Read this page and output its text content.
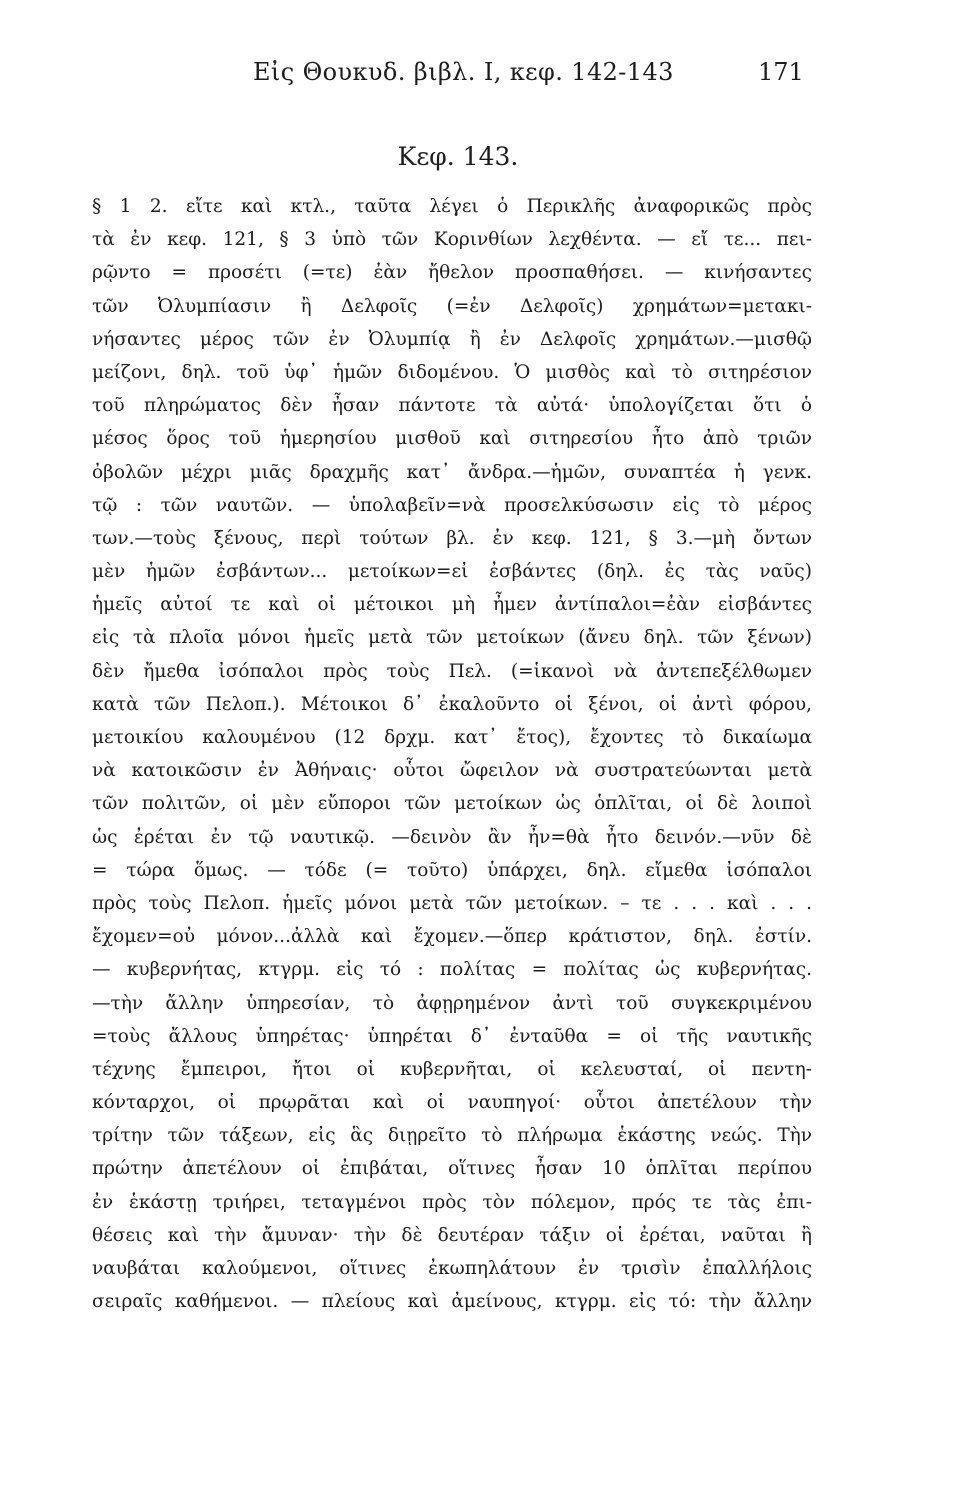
Εἰς Θουκυδ. βιβλ. Ι, κεφ. 142-143	171
Κεφ. 143.
§ 1 2. εἴτε καὶ κτλ., ταῦτα λέγει ὁ Περικλῆς ἀναφορικῶς πρὸς
τὰ ἐν κεφ. 121, § 3 ὑπὸ τῶν Κορινθίων λεχθέντα. — εἴ τε... πει-
ρῷντο = προσέτι (=τε) ἐὰν ἤθελον προσπαθήσει. — κινήσαντες
τῶν Ὀλυμπίασιν ἢ Δελφοῖς (=ἐν Δελφοῖς) χρημάτων=μετακι-
νήσαντες μέρος τῶν ἐν Ὀλυμπίᾳ ἢ ἐν Δελφοῖς χρημάτων.—μισθῷ
μείζονι, δηλ. τοῦ ὑφ᾿ ἡμῶν διδομένου. Ὁ μισθὸς καὶ τὸ σιτηρέσιον
τοῦ πληρώματος δὲν ἦσαν πάντοτε τὰ αὐτά· ὑπολογίζεται ὅτι ὁ
μέσος ὅρος τοῦ ἡμερησίου μισθοῦ καὶ σιτηρεσίου ἦτο ἀπὸ τριῶν
ὀβολῶν μέχρι μιᾶς δραχμῆς κατ᾿ ἄνδρα.—ἡμῶν, συναπτέα ἡ γενκ.
τῷ : τῶν ναυτῶν. — ὑπολαβεῖν=νὰ προσελκύσωσιν εἰς τὸ μέρος
των.—τοὺς ξένους, περὶ τούτων βλ. ἐν κεφ. 121, § 3.—μὴ ὄντων
μὲν ἡμῶν ἐσβάντων... μετοίκων=εἰ ἐσβάντες (δηλ. ἐς τὰς ναῦς)
ἡμεῖς αὐτοί τε καὶ οἱ μέτοικοι μὴ ἦμεν ἀντίπαλοι=ἐὰν εἰσβάντες
εἰς τὰ πλοῖα μόνοι ἡμεῖς μετὰ τῶν μετοίκων (ἄνευ δηλ. τῶν ξένων)
δὲν ἤμεθα ἰσόπαλοι πρὸς τοὺς Πελ. (=ἱκανοὶ νὰ ἀντεπεξέλθωμεν
κατὰ τῶν Πελοπ.). Μέτοικοι δ᾿ ἐκαλοῦντο οἱ ξένοι, οἱ ἀντὶ φόρου,
μετοικίου καλουμένου (12 δρχμ. κατ᾿ ἔτος), ἔχοντες τὸ δικαίωμα
νὰ κατοικῶσιν ἐν Ἀθήναις· οὗτοι ὤφειλον νὰ συστρατεύωνται μετὰ
τῶν πολιτῶν, οἱ μὲν εὔποροι τῶν μετοίκων ὡς ὁπλῖται, οἱ δὲ λοιποὶ
ὡς ἐρέται ἐν τῷ ναυτικῷ. —δεινὸν ἂν ἦν=θὰ ἦτο δεινόν.—νῦν δὲ
= τώρα ὅμως. — τόδε (= τοῦτο) ὑπάρχει, δηλ. εἴμεθα ἰσόπαλοι
πρὸς τοὺς Πελοπ. ἡμεῖς μόνοι μετὰ τῶν μετοίκων. – τε . . . καὶ . . .
ἔχομεν=οὐ μόνον...ἀλλὰ καὶ ἔχομεν.—ὅπερ κράτιστον, δηλ. ἐστίν.
— κυβερνήτας, κτγρμ. εἰς τό : πολίτας = πολίτας ὡς κυβερνήτας.
—τὴν ἄλλην ὑπηρεσίαν, τὸ ἀφῃρημένον ἀντὶ τοῦ συγκεκριμένου
=τοὺς ἄλλους ὑπηρέτας· ὑπηρέται δ᾿ ἐνταῦθα = οἱ τῆς ναυτικῆς
τέχνης ἔμπειροι, ἤτοι οἱ κυβερνῆται, οἱ κελευσταί, οἱ πεντη-
κόνταρχοι, οἱ πρῳρᾶται καὶ οἱ ναυπηγοί· οὗτοι ἀπετέλουν τὴν
τρίτην τῶν τάξεων, εἰς ἃς διῃρεῖτο τὸ πλήρωμα ἑκάστης νεώς. Τὴν
πρώτην ἀπετέλουν οἱ ἐπιβάται, οἵτινες ἦσαν 10 ὁπλῖται περίπου
ἐν ἑκάστῃ τριήρει, τεταγμένοι πρὸς τὸν πόλεμον, πρός τε τὰς ἐπι-
θέσεις καὶ τὴν ἄμυναν· τὴν δὲ δευτέραν τάξιν οἱ ἐρέται, ναῦται ἢ
ναυβάται καλούμενοι, οἵτινες ἐκωπηλάτουν ἐν τρισὶν ἐπαλλήλοις
σειραῖς καθήμενοι. — πλείους καὶ ἀμείνους, κτγρμ. εἰς τό: τὴν ἄλλην
